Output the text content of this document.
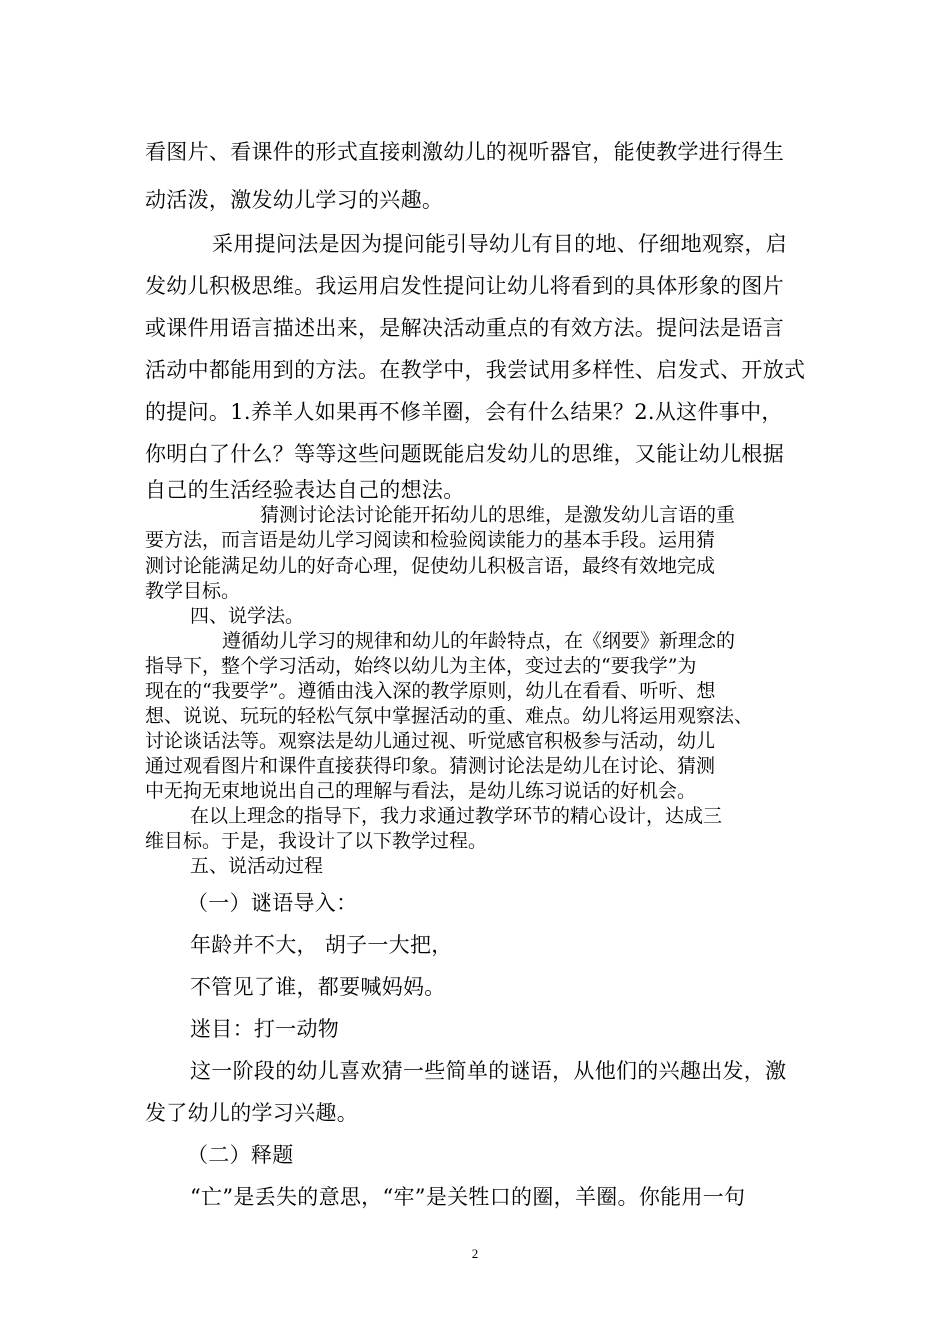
看图片、看课件的形式直接刺激幼儿的视听器官，能使教学进行得生

动活泼，激发幼儿学习的兴趣。

采用提问法是因为提问能引导幼儿有目的地、仔细地观察，启

发幼儿积极思维。我运用启发性提问让幼儿将看到的具体形象的图片

或课件用语言描述出来，是解决活动重点的有效方法。提问法是语言

活动中都能用到的方法。在教学中，我尝试用多样性、启发式、开放式

的提问。1.养羊人如果再不修羊圈，会有什么结果？2.从这件事中，

你明白了什么？等等这些问题既能启发幼儿的思维，又能让幼儿根据

自己的生活经验表达自己的想法。

猜测讨论法讨论能开拓幼儿的思维，是激发幼儿言语的重

要方法，而言语是幼儿学习阅读和检验阅读能力的基本手段。运用猜

测讨论能满足幼儿的好奇心理，促使幼儿积极言语，最终有效地完成

教学目标。

四、说学法。

遵循幼儿学习的规律和幼儿的年龄特点，在《纲要》新理念的

指导下，整个学习活动，始终以幼儿为主体，变过去的“要我学”为

现在的“我要学”。遵循由浅入深的教学原则，幼儿在看看、听听、想

想、说说、玩玩的轻松气氛中掌握活动的重、难点。幼儿将运用观察法、

讨论谈话法等。观察法是幼儿通过视、听觉感官积极参与活动，幼儿

通过观看图片和课件直接获得印象。猜测讨论法是幼儿在讨论、猜测

中无拘无束地说出自己的理解与看法，是幼儿练习说话的好机会。

在以上理念的指导下，我力求通过教学环节的精心设计，达成三

维目标。于是，我设计了以下教学过程。

五、说活动过程

（一）谜语导入：

年龄并不大， 胡子一大把，

不管见了谁，都要喊妈妈。

迷目：打一动物

这一阶段的幼儿喜欢猜一些简单的谜语，从他们的兴趣出发，激

发了幼儿的学习兴趣。

（二）释题

“亡”是丢失的意思，“牢”是关牲口的圈，羊圈。你能用一句

2
